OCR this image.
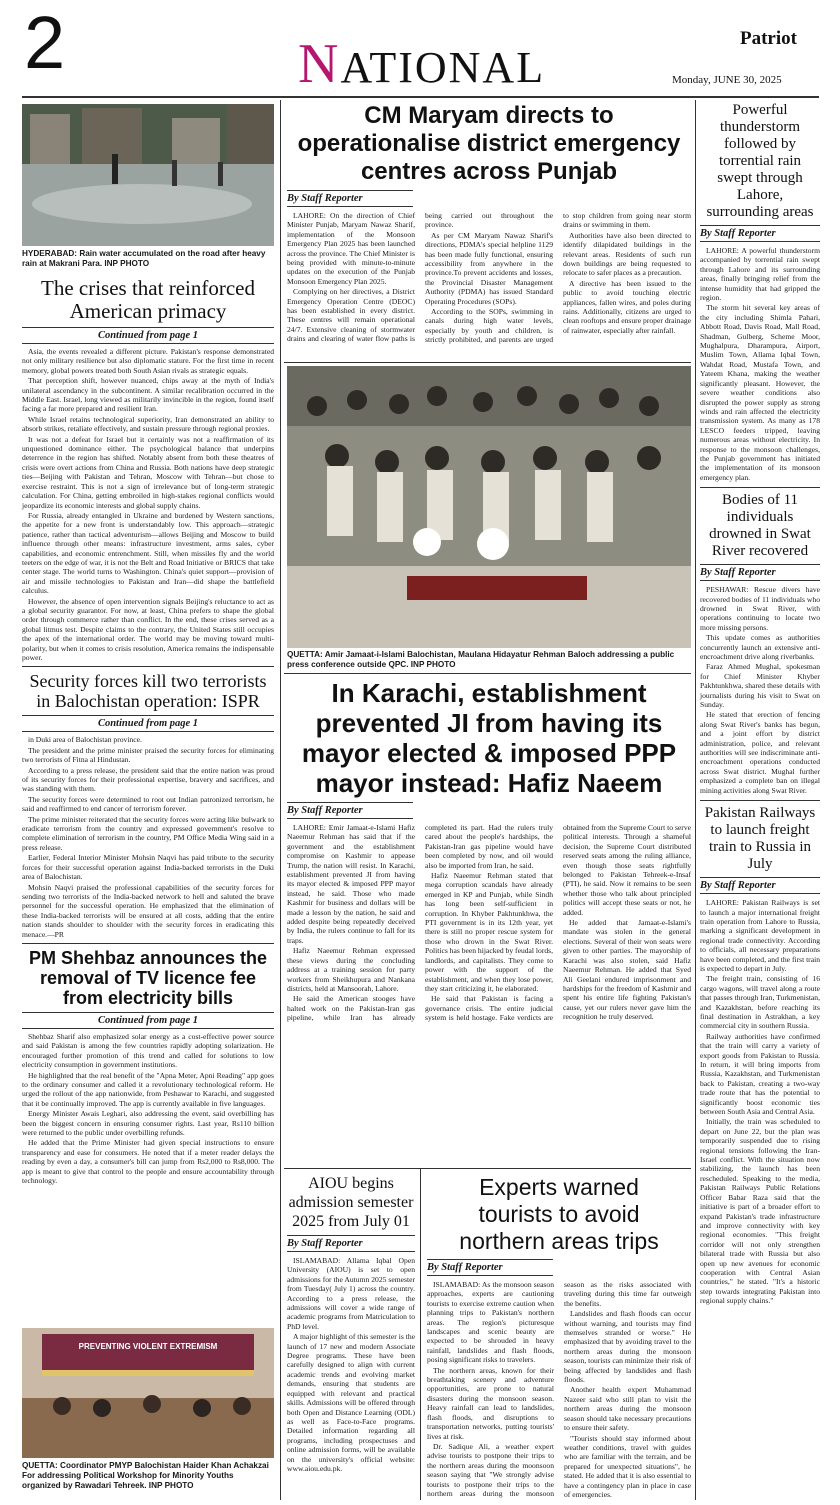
2	NATIONAL
Patriot
Monday, JUNE 30, 2025
HYDERABAD: Rain water accumulated on the road after heavy rain at Makrani Para. INP PHOTO
The crises that reinforced American primacy
Continued from page 1

Asia, the events revealed a different picture. Pakistan's response demonstrated not only military resilience but also diplomatic stature. For the first time in recent memory, global powers treated both South Asian rivals as strategic equals.

That perception shift, however nuanced, chips away at the myth of India's unilateral ascendancy in the subcontinent. A similar recalibration occurred in the Middle East. Israel, long viewed as militarily invincible in the region, found itself facing a far more prepared and resilient Iran.

While Israel retains technological superiority, Iran demonstrated an ability to absorb strikes, retaliate effectively, and sustain pressure through regional proxies.

It was not a defeat for Israel but it certainly was not a reaffirmation of its unquestioned dominance either. The psychological balance that underpins deterrence in the region has shifted. Notably absent from both these theatres of crisis were overt actions from China and Russia. Both nations have deep strategic ties—Beijing with Pakistan and Tehran, Moscow with Tehran—but chose to exercise restraint. This is not a sign of irrelevance but of long-term strategic calculation. For China, getting embroiled in high-stakes regional conflicts would jeopardize its economic interests and global supply chains.

For Russia, already entangled in Ukraine and burdened by Western sanctions, the appetite for a new front is understandably low. This approach—strategic patience, rather than tactical adventurism—allows Beijing and Moscow to build influence through other means: infrastructure investment, arms sales, cyber capabilities, and economic entrenchment. Still, when missiles fly and the world teeters on the edge of war, it is not the Belt and Road Initiative or BRICS that take center stage. The world turns to Washington. China's quiet support—provision of air and missile technologies to Pakistan and Iran—did shape the battlefield calculus.

However, the absence of open intervention signals Beijing's reluctance to act as a global security guarantor. For now, at least, China prefers to shape the global order through commerce rather than conflict. In the end, these crises served as a global litmus test. Despite claims to the contrary, the United States still occupies the apex of the international order. The world may be moving toward multi-polarity, but when it comes to crisis resolution, America remains the indispensable power.

Security forces kill two terrorists in Balochistan operation: ISPR
Continued from page 1

in Duki area of Balochistan province.

The president and the prime minister praised the security forces for eliminating two terrorists of Fitna al Hindustan.

According to a press release, the president said that the entire nation was proud of its security forces for their professional expertise, bravery and sacrifices, and was standing with them.

The security forces were determined to root out Indian patronized terrorism, he said and reaffirmed to end cancer of terrorism forever.

The prime minister reiterated that the security forces were acting like bulwark to eradicate terrorism from the country and expressed government's resolve to complete elimination of terrorism in the country, PM Office Media Wing said in a press release.

Earlier, Federal Interior Minister Mohsin Naqvi has paid tribute to the security forces for their successful operation against India-backed terrorists in the Duki area of Balochistan.

Mohsin Naqvi praised the professional capabilities of the security forces for sending two terrorists of the India-backed network to hell and saluted the brave personnel for the successful operation. He emphasized that the elimination of these India-backed terrorists will be ensured at all costs, adding that the entire nation stands shoulder to shoulder with the security forces in eradicating this menace.—PR

PM Shehbaz announces the removal of TV licence fee from electricity bills
Continued from page 1

Shehbaz Sharif also emphasized solar energy as a cost-effective power source and said Pakistan is among the few countries rapidly adopting solarization. He encouraged further promotion of this trend and called for solutions to low electricity consumption in government institutions.

He highlighted that the real benefit of the "Apna Meter, Apni Reading" app goes to the ordinary consumer and called it a revolutionary technological reform. He urged the rollout of the app nationwide, from Peshawar to Karachi, and suggested that it be continually improved. The app is currently available in five languages.

Energy Minister Awais Leghari, also addressing the event, said overbilling has been the biggest concern in ensuring consumer rights. Last year, Rs110 billion were returned to the public under overbilling refunds.

He added that the Prime Minister had given special instructions to ensure transparency and ease for consumers. He noted that if a meter reader delays the reading by even a day, a consumer's bill can jump from Rs2,000 to Rs8,000. The app is meant to give that control to the people and ensure accountability through technology.

PREVENTING VIOLENT EXTREMISM
QUETTA: Coordinator PMYP Balochistan Haider Khan Achakzai For addressing Political Workshop for Minority Youths organized by Rawadari Tehreek. INP PHOTO
CM Maryam directs to operationalise district emergency centres across Punjab
By Staff Reporter

LAHORE: On the direction of Chief Minister Punjab, Maryam Nawaz Sharif, implementation of the Monsoon Emergency Plan 2025 has been launched across the province. The Chief Minister is being provided with minute-to-minute updates on the execution of the Punjab Monsoon Emergency Plan 2025.

Complying on her directives, a District Emergency Operation Centre (DEOC) has been established in every district. These centres will remain operational 24/7. Extensive cleaning of stormwater drains and clearing of water flow paths is being carried out throughout the province.

As per CM Maryam Nawaz Sharif's directions, PDMA's special helpline 1129 has been made fully functional, ensuring accessibility from anywhere in the province.To prevent accidents and losses, the Provincial Disaster Management Authority (PDMA) has issued Standard Operating Procedures (SOPs).

According to the SOPs, swimming in canals during high water levels, especially by youth and children, is strictly prohibited, and parents are urged to stop children from going near storm drains or swimming in them.

Authorities have also been directed to identify dilapidated buildings in the relevant areas. Residents of such run down buildings are being requested to relocate to safer places as a precaution.

A directive has been issued to the public to avoid touching electric appliances, fallen wires, and poles during rains. Additionally, citizens are urged to clean rooftops and ensure proper drainage of rainwater, especially after rainfall.

QUETTA: Amir Jamaat-i-Islami Balochistan, Maulana Hidayatur Rehman Baloch addressing a public press conference outside QPC. INP PHOTO
In Karachi, establishment prevented JI from having its mayor elected & imposed PPP mayor instead: Hafiz Naeem
By Staff Reporter

LAHORE: Emir Jamaat-e-Islami Hafiz Naeemur Rehman has said that if the government and the establishment compromise on Kashmir to appease Trump, the nation will resist. In Karachi, establishment prevented JI from having its mayor elected & imposed PPP mayor instead, he said. Those who made Kashmir for business and dollars will be made a lesson by the nation, he said and added despite being repeatedly deceived by India, the rulers continue to fall for its traps.

Hafiz Naeemur Rehman expressed these views during the concluding address at a training session for party workers from Sheikhupura and Nankana districts, held at Mansoorah, Lahore.

He said the American stooges have halted work on the Pakistan-Iran gas pipeline, while Iran has already completed its part. Had the rulers truly cared about the people's hardships, the Pakistan-Iran gas pipeline would have been completed by now, and oil would also be imported from Iran, he said.

Hafiz Naeemur Rehman stated that mega corruption scandals have already emerged in KP and Punjab, while Sindh has long been self-sufficient in corruption. In Khyber Pakhtunkhwa, the PTI government is in its 12th year, yet there is still no proper rescue system for those who drown in the Swat River. Politics has been hijacked by feudal lords, landlords, and capitalists. They come to power with the support of the establishment, and when they lose power, they start criticizing it, he elaborated.

He said that Pakistan is facing a governance crisis. The entire judicial system is held hostage. Fake verdicts are obtained from the Supreme Court to serve political interests. Through a shameful decision, the Supreme Court distributed reserved seats among the ruling alliance, even though those seats rightfully belonged to Pakistan Tehreek-e-Insaf (PTI), he said. Now it remains to be seen whether those who talk about principled politics will accept these seats or not, he added.

He added that Jamaat-e-Islami's mandate was stolen in the general elections. Several of their won seats were given to other parties. The mayorship of Karachi was also stolen, said Hafiz Naeemur Rehman. He added that Syed Ali Geelani endured imprisonment and hardships for the freedom of Kashmir and spent his entire life fighting Pakistan's cause, yet our rulers never gave him the recognition he truly deserved.

AIOU begins admission semester 2025 from July 01
By Staff Reporter

ISLAMABAD: Allama Iqbal Open University (AIOU) is set to open admissions for the Autumn 2025 semester from Tuesday( July 1) across the country. According to a press release, the admissions will cover a wide range of academic programs from Matriculation to PhD level.

A major highlight of this semester is the launch of 17 new and modern Associate Degree programs. These have been carefully designed to align with current academic trends and evolving market demands, ensuring that students are equipped with relevant and practical skills. Admissions will be offered through both Open and Distance Learning (ODL) as well as Face-to-Face programs. Detailed information regarding all programs, including prospectuses and online admission forms, will be available on the university's official website: www.aiou.edu.pk.

Experts warned tourists to avoid northern areas trips
By Staff Reporter

ISLAMABAD: As the monsoon season approaches, experts are cautioning tourists to exercise extreme caution when planning trips to Pakistan's northern areas. The region's picturesque landscapes and scenic beauty are expected to be shrouded in heavy rainfall, landslides and flash floods, posing significant risks to travelers.

The northern areas, known for their breathtaking scenery and adventure opportunities, are prone to natural disasters during the monsoon season. Heavy rainfall can lead to landslides, flash floods, and disruptions to transportation networks, putting tourists' lives at risk.

Dr. Sadique Ali, a weather expert advise tourists to postpone their trips to the northern areas during the moonsoon season saying that "We strongly advise tourists to postpone their trips to the northern areas during the monsoon season as the risks associated with traveling during this time far outweigh the benefits.

Landslides and flash floods can occur without warning, and tourists may find themselves stranded or worse." He emphasized that by avoiding travel to the northern areas during the monsoon season, tourists can minimize their risk of being affected by landslides and flash floods.

Another health expert Muhammad Nazeer said who still plan to visit the northern areas during the monsoon season should take necessary precautions to ensure their safety.

"Tourists should stay informed about weather conditions, travel with guides who are familiar with the terrain, and be prepared for unexpected situations", he stated. He added that it is also essential to have a contingency plan in place in case of emergencies.

Powerful thunderstorm followed by torrential rain swept through Lahore, surrounding areas
By Staff Reporter

LAHORE: A powerful thunderstorm accompanied by torrential rain swept through Lahore and its surrounding areas, finally bringing relief from the intense humidity that had gripped the region.

The storm hit several key areas of the city including Shimla Pahari, Abbott Road, Davis Road, Mall Road, Shadman, Gulberg, Scheme Moor, Mughalpura, Dharampura, Airport, Muslim Town, Allama Iqbal Town, Wahdat Road, Mustafa Town, and Yateem Khana, making the weather significantly pleasant. However, the severe weather conditions also disrupted the power supply as strong winds and rain affected the electricity transmission system. As many as 178 LESCO feeders tripped, leaving numerous areas without electricity. In response to the monsoon challenges, the Punjab government has initiated the implementation of its monsoon emergency plan.

Bodies of 11 individuals drowned in Swat River recovered
By Staff Reporter

PESHAWAR: Rescue divers have recovered bodies of 11 individuals who drowned in Swat River, with operations continuing to locate two more missing persons.

This update comes as authorities concurrently launch an extensive anti-encroachment drive along riverbanks.

Faraz Ahmed Mughal, spokesman for Chief Minister Khyber Pakhtunkhwa, shared these details with journalists during his visit to Swat on Sunday.

He stated that erection of fencing along Swat River's banks has begun, and a joint effort by district administration, police, and relevant authorities will see indiscriminate anti-encroachment operations conducted across Swat district. Mughal further emphasized a complete ban on illegal mining activities along Swat River.

Pakistan Railways to launch freight train to Russia in July
By Staff Reporter

LAHORE: Pakistan Railways is set to launch a major international freight train operation from Lahore to Russia, marking a significant development in regional trade connectivity. According to officials, all necessary preparations have been completed, and the first train is expected to depart in July.

The freight train, consisting of 16 cargo wagons, will travel along a route that passes through Iran, Turkmenistan, and Kazakhstan, before reaching its final destination in Astrakhan, a key commercial city in southern Russia.

Railway authorities have confirmed that the train will carry a variety of export goods from Pakistan to Russia. In return, it will bring imports from Russia, Kazakhstan, and Turkmenistan back to Pakistan, creating a two-way trade route that has the potential to significantly boost economic ties between South Asia and Central Asia.

Initially, the train was scheduled to depart on June 22, but the plan was temporarily suspended due to rising regional tensions following the Iran-Israel conflict. With the situation now stabilizing, the launch has been rescheduled. Speaking to the media, Pakistan Railways Public Relations Officer Babar Raza said that the initiative is part of a broader effort to expand Pakistan's trade infrastructure and improve connectivity with key regional economies. "This freight corridor will not only strengthen bilateral trade with Russia but also open up new avenues for economic cooperation with Central Asian countries," he stated. "It's a historic step towards integrating Pakistan into regional supply chains."
